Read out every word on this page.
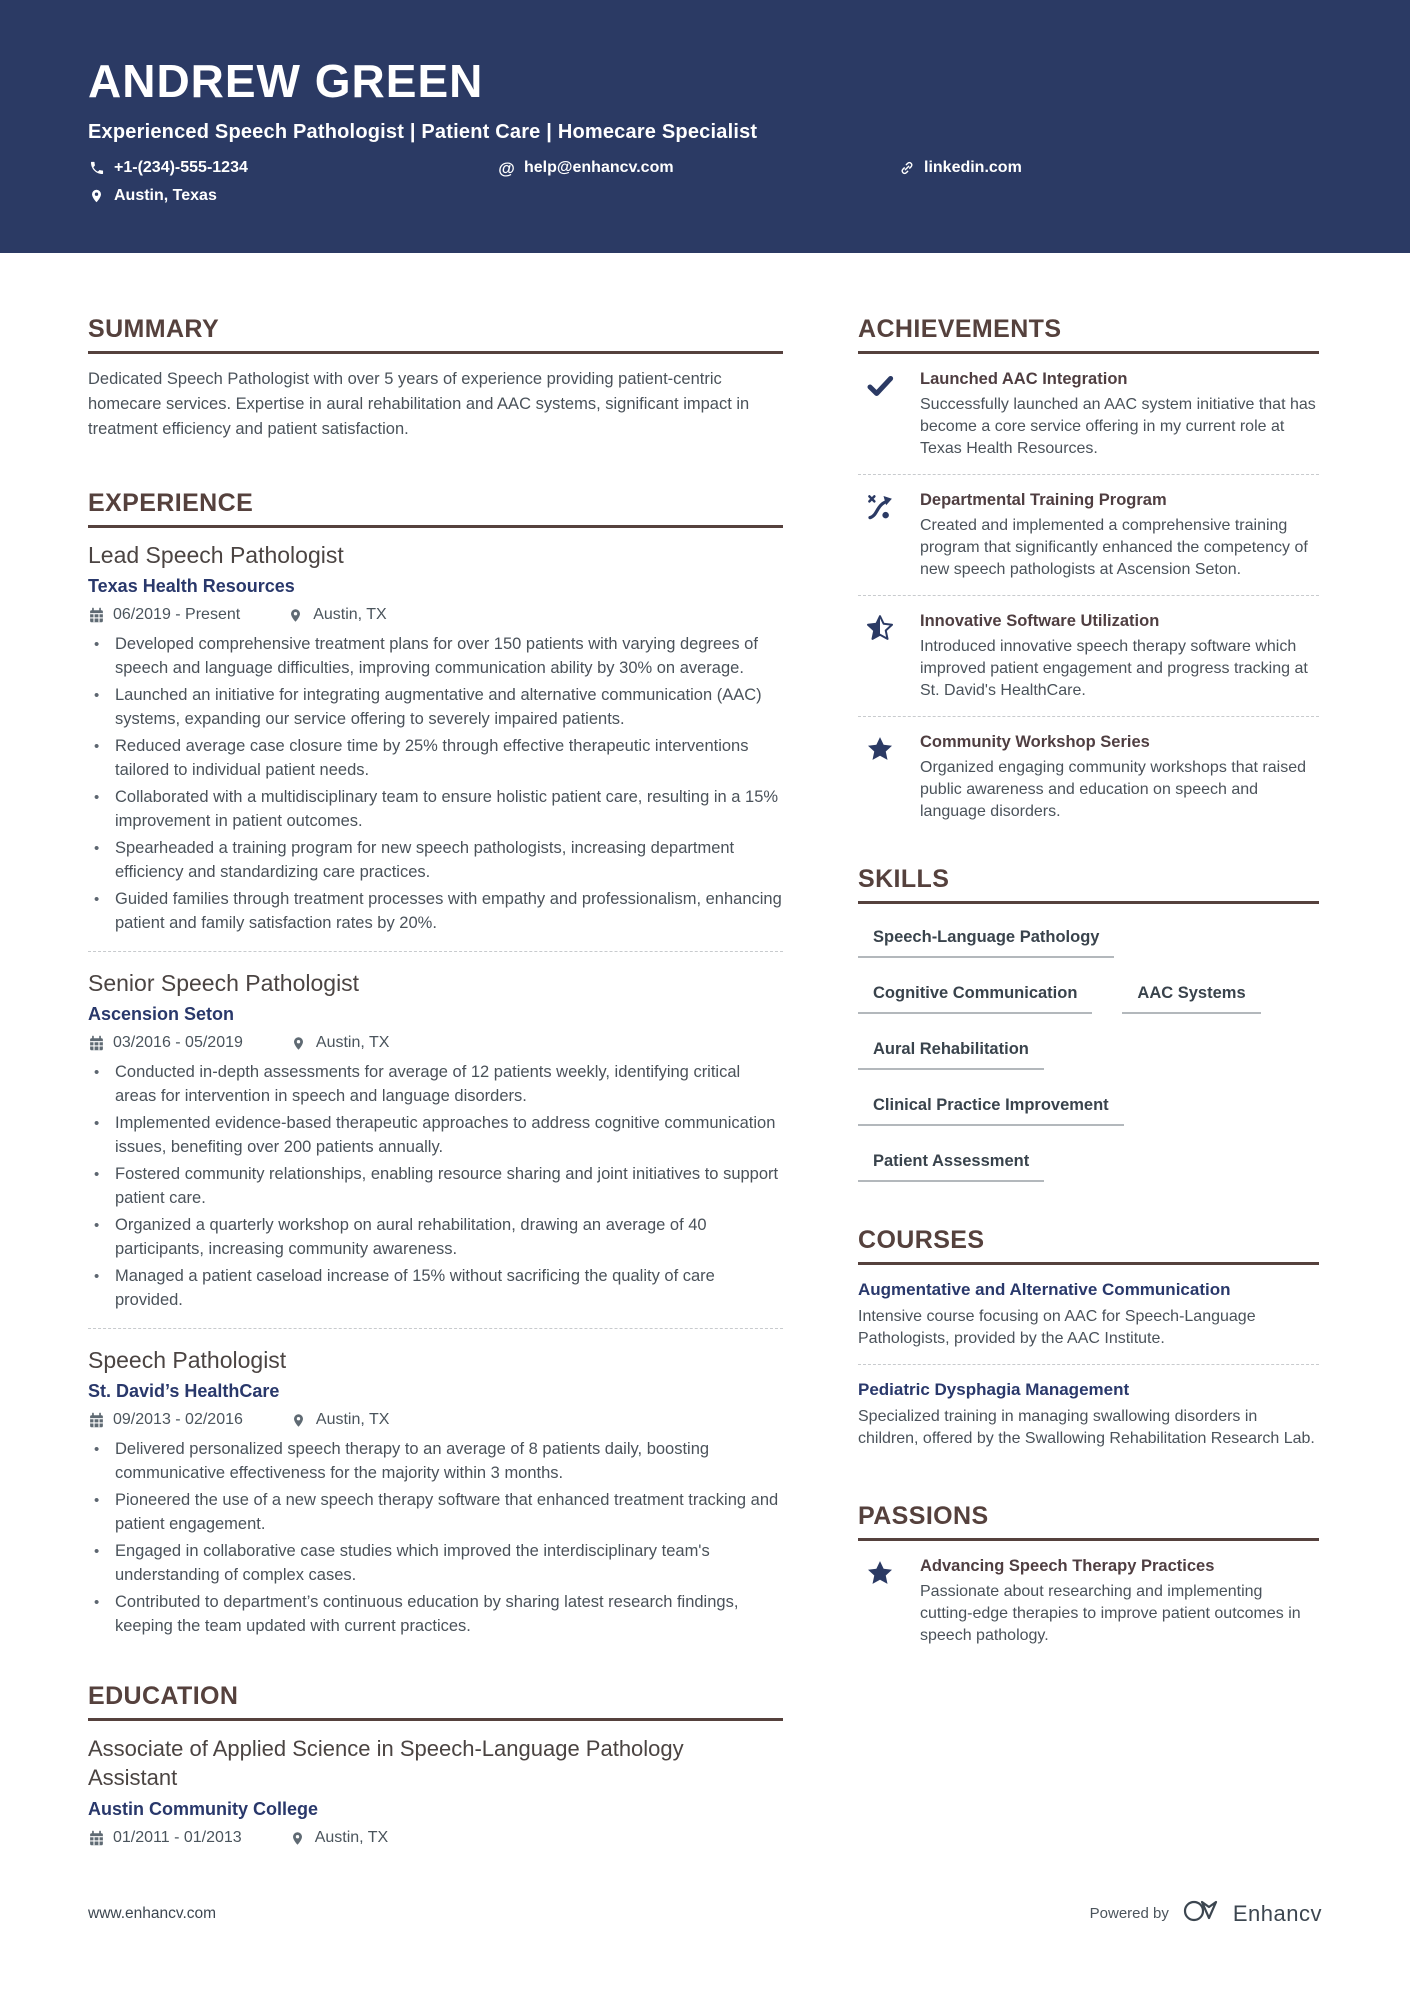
ANDREW GREEN
Experienced Speech Pathologist | Patient Care | Homecare Specialist
+1-(234)-555-1234	@ help@enhancv.com	linkedin.com
Austin, Texas
SUMMARY
Dedicated Speech Pathologist with over 5 years of experience providing patient-centric homecare services. Expertise in aural rehabilitation and AAC systems, significant impact in treatment efficiency and patient satisfaction.
EXPERIENCE
Lead Speech Pathologist
Texas Health Resources
06/2019 - Present	Austin, TX
• Developed comprehensive treatment plans for over 150 patients with varying degrees of speech and language difficulties, improving communication ability by 30% on average.
• Launched an initiative for integrating augmentative and alternative communication (AAC) systems, expanding our service offering to severely impaired patients.
• Reduced average case closure time by 25% through effective therapeutic interventions tailored to individual patient needs.
• Collaborated with a multidisciplinary team to ensure holistic patient care, resulting in a 15% improvement in patient outcomes.
• Spearheaded a training program for new speech pathologists, increasing department efficiency and standardizing care practices.
• Guided families through treatment processes with empathy and professionalism, enhancing patient and family satisfaction rates by 20%.
Senior Speech Pathologist
Ascension Seton
03/2016 - 05/2019	Austin, TX
• Conducted in-depth assessments for average of 12 patients weekly, identifying critical areas for intervention in speech and language disorders.
• Implemented evidence-based therapeutic approaches to address cognitive communication issues, benefiting over 200 patients annually.
• Fostered community relationships, enabling resource sharing and joint initiatives to support patient care.
• Organized a quarterly workshop on aural rehabilitation, drawing an average of 40 participants, increasing community awareness.
• Managed a patient caseload increase of 15% without sacrificing the quality of care provided.
Speech Pathologist
St. David’s HealthCare
09/2013 - 02/2016	Austin, TX
• Delivered personalized speech therapy to an average of 8 patients daily, boosting communicative effectiveness for the majority within 3 months.
• Pioneered the use of a new speech therapy software that enhanced treatment tracking and patient engagement.
• Engaged in collaborative case studies which improved the interdisciplinary team's understanding of complex cases.
• Contributed to department’s continuous education by sharing latest research findings, keeping the team updated with current practices.
EDUCATION
Associate of Applied Science in Speech-Language Pathology Assistant
Austin Community College
01/2011 - 01/2013	Austin, TX
ACHIEVEMENTS
Launched AAC Integration
Successfully launched an AAC system initiative that has become a core service offering in my current role at Texas Health Resources.
Departmental Training Program
Created and implemented a comprehensive training program that significantly enhanced the competency of new speech pathologists at Ascension Seton.
Innovative Software Utilization
Introduced innovative speech therapy software which improved patient engagement and progress tracking at St. David's HealthCare.
Community Workshop Series
Organized engaging community workshops that raised public awareness and education on speech and language disorders.
SKILLS
Speech-Language Pathology
Cognitive Communication	AAC Systems
Aural Rehabilitation
Clinical Practice Improvement
Patient Assessment
COURSES
Augmentative and Alternative Communication
Intensive course focusing on AAC for Speech-Language Pathologists, provided by the AAC Institute.
Pediatric Dysphagia Management
Specialized training in managing swallowing disorders in children, offered by the Swallowing Rehabilitation Research Lab.
PASSIONS
Advancing Speech Therapy Practices
Passionate about researching and implementing cutting-edge therapies to improve patient outcomes in speech pathology.
www.enhancv.com	Powered by	Enhancv
